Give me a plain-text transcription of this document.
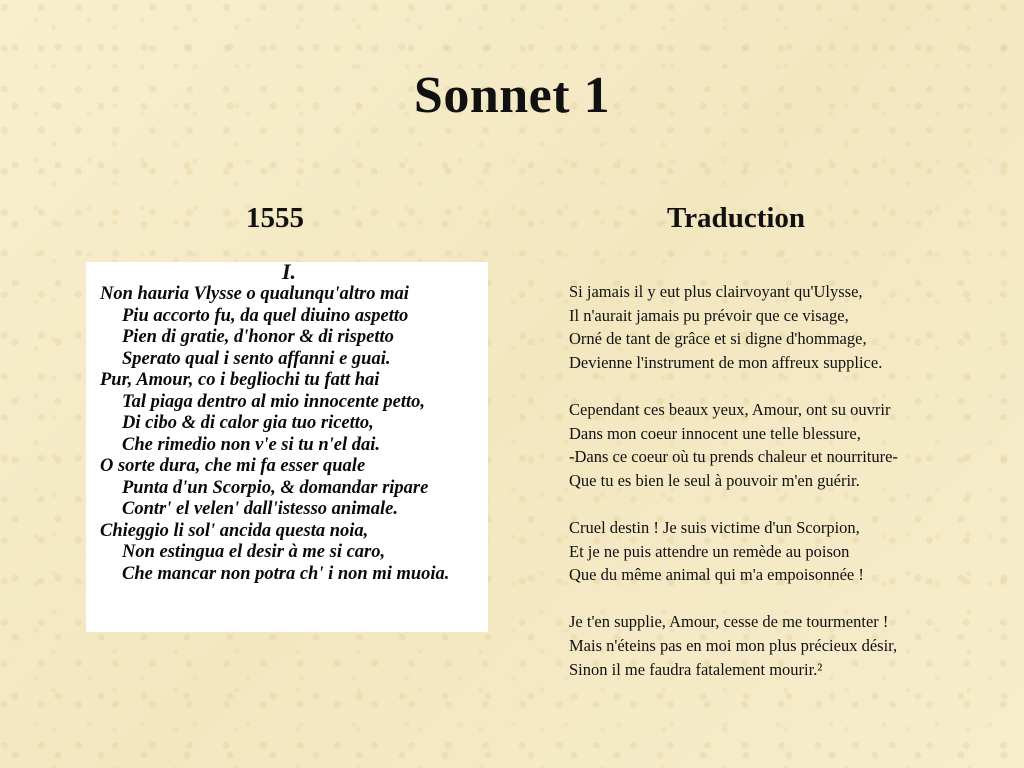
Sonnet 1
1555	Traduction
I.
Non hauria Vlysse o qualunqu'altro mai
Piu accorto fu, da quel diuino aspetto
Pien di gratie, d'honor & di rispetto
Sperato qual i sento affanni e guai.
Pur, Amour, co i begliochi tu fatt hai
Tal piaga dentro al mio innocente petto,
Di cibo & di calor gia tuo ricetto,
Che rimedio non v'e si tu n'el dai.
O sorte dura, che mi fa esser quale
Punta d'un Scorpio, & domandar ripare
Contr' el velen' dall'istesso animale.
Chieggio li sol' ancida questa noia,
Non estingua el desir à me si caro,
Che mancar non potra ch' i non mi muoia.
Si jamais il y eut plus clairvoyant qu'Ulysse,
Il n'aurait jamais pu prévoir que ce visage,
Orné de tant de grâce et si digne d'hommage,
Devienne l'instrument de mon affreux supplice.
Cependant ces beaux yeux, Amour, ont su ouvrir
Dans mon coeur innocent une telle blessure,
-Dans ce coeur où tu prends chaleur et nourriture-
Que tu es bien le seul à pouvoir m'en guérir.
Cruel destin ! Je suis victime d'un Scorpion,
Et je ne puis attendre un remède au poison
Que du même animal qui m'a empoisonnée !
Je t'en supplie, Amour, cesse de me tourmenter !
Mais n'éteins pas en moi mon plus précieux désir,
Sinon il me faudra fatalement mourir.²
